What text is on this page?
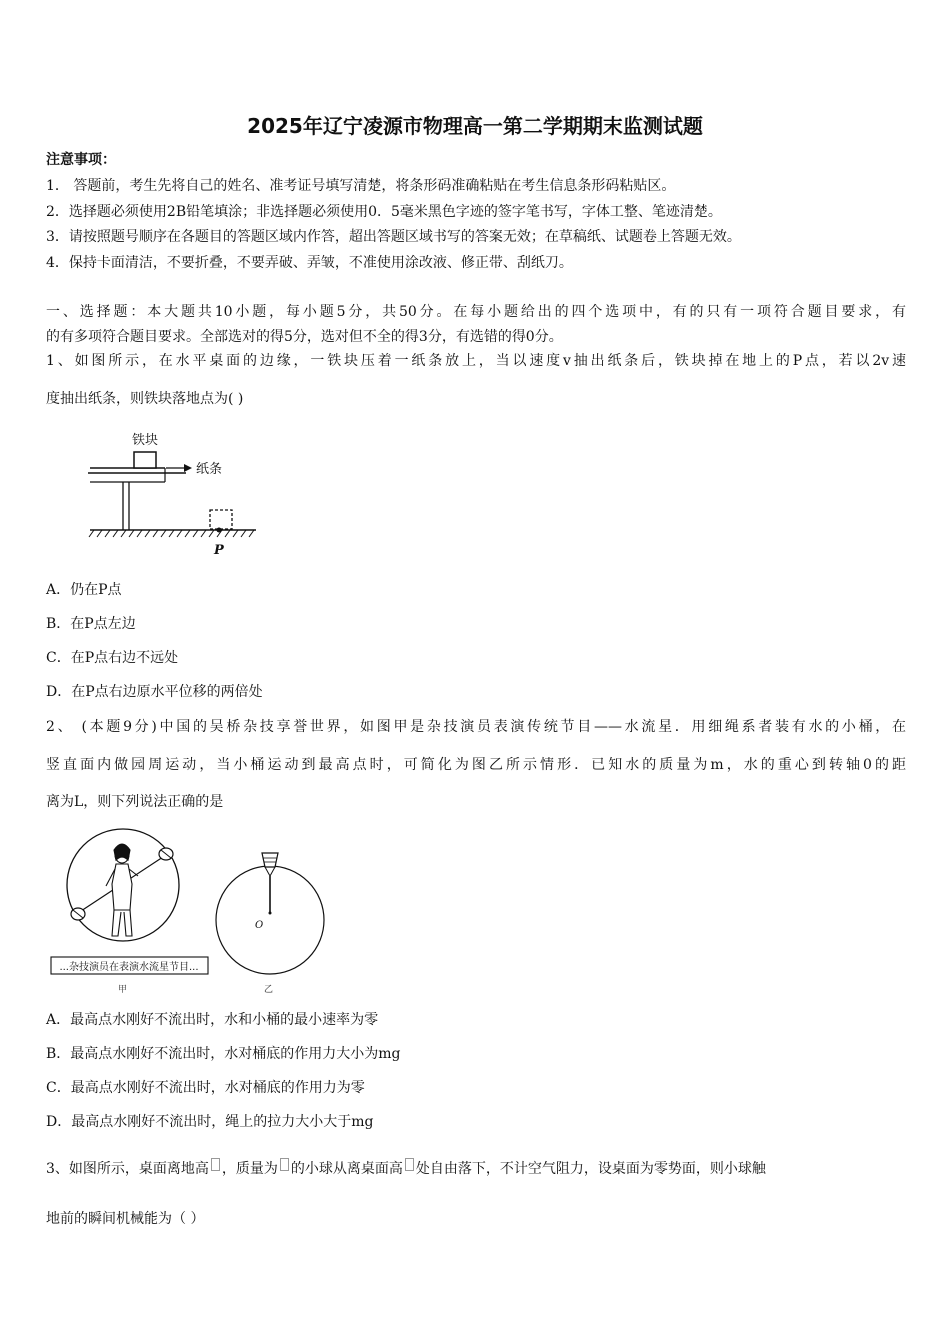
2025年辽宁凌源市物理高一第二学期期末监测试题
注意事项：
1． 答题前，考生先将自己的姓名、准考证号填写清楚，将条形码准确粘贴在考生信息条形码粘贴区。
2．选择题必须使用2B铅笔填涂；非选择题必须使用0．5毫米黑色字迹的签字笔书写，字体工整、笔迹清楚。
3．请按照题号顺序在各题目的答题区域内作答，超出答题区域书写的答案无效；在草稿纸、试题卷上答题无效。
4．保持卡面清洁，不要折叠，不要弄破、弄皱，不准使用涂改液、修正带、刮纸刀。
一、选择题：本大题共10小题，每小题5分，共50分。在每小题给出的四个选项中，有的只有一项符合题目要求，有
的有多项符合题目要求。全部选对的得5分，选对但不全的得3分，有选错的得0分。
1、如图所示，在水平桌面的边缘，一铁块压着一纸条放上，当以速度v抽出纸条后，铁块掉在地上的P点，若以2v速
度抽出纸条，则铁块落地点为( )
铁块
纸条
P
A．仍在P点
B．在P点左边
C．在P点右边不远处
D．在P点右边原水平位移的两倍处
2、 (本题9分)中国的吴桥杂技享誉世界，如图甲是杂技演员表演传统节目——水流星．用细绳系者装有水的小桶，在
竖直面内做园周运动，当小桶运动到最高点时，可简化为图乙所示情形．已知水的质量为m，水的重心到转轴0的距
离为L，则下列说法正确的是
...杂技演员在表演水流星节目...
甲
O
乙
A．最高点水刚好不流出时，水和小桶的最小速率为零
B．最高点水刚好不流出时，水对桶底的作用力大小为mg
C．最高点水刚好不流出时，水对桶底的作用力为零
D．最高点水刚好不流出时，绳上的拉力大小大于mg
3、如图所示，桌面离地高 ，质量为 的小球从离桌面高 处自由落下，不计空气阻力，设桌面为零势面，则小球触
地前的瞬间机械能为（ ）
